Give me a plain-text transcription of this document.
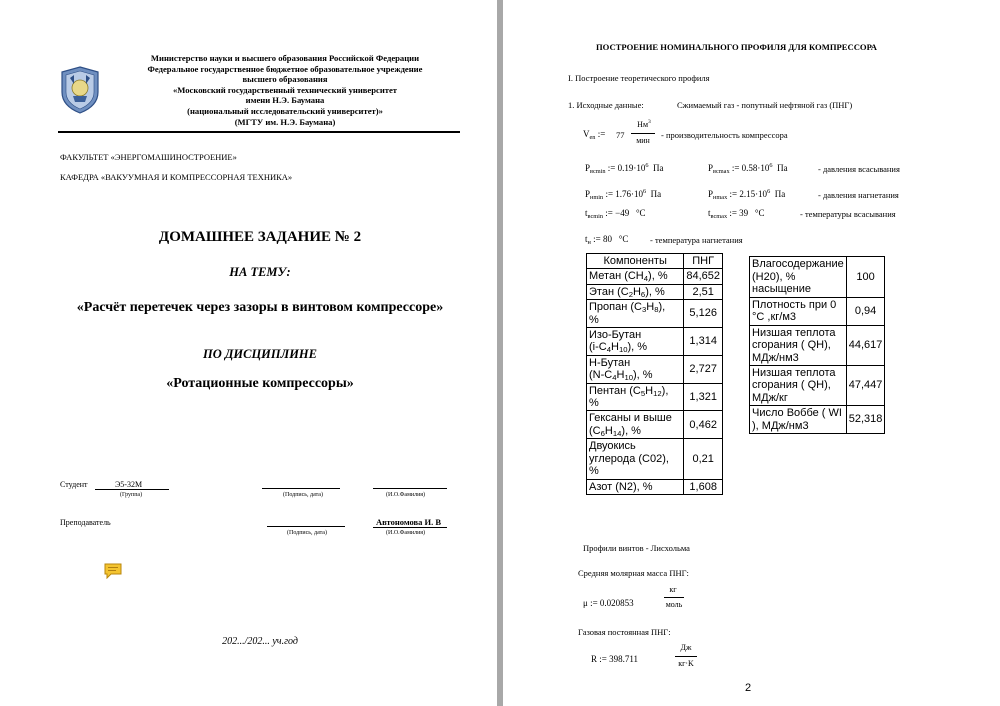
Министерство науки и высшего образования Российской Федерации
Федеральное государственное бюджетное образовательное учреждение
высшего образования
«Московский государственный технический университет
имени Н.Э. Баумана
(национальный исследовательский университет)»
(МГТУ им. Н.Э. Баумана)
ФАКУЛЬТЕТ «ЭНЕРГОМАШИНОСТРОЕНИЕ»
КАФЕДРА «ВАКУУМНАЯ И КОМПРЕССОРНАЯ ТЕХНИКА»
ДОМАШНЕЕ ЗАДАНИЕ № 2
НА ТЕМУ:
«Расчёт перетечек через зазоры в винтовом компрессоре»
ПО ДИСЦИПЛИНЕ
«Ротационные компрессоры»
Студент	Э5-32М
(Группа)	(Подпись, дата)	(И.О.Фамилия)
Преподаватель
(Подпись, дата)
Автономова И. В
(И.О.Фамилия)
202.../202... уч.год
ПОСТРОЕНИЕ НОМИНАЛЬНОГО ПРОФИЛЯ ДЛЯ КОМПРЕССОРА
I. Построение теоретического профиля
1. Исходные данные:	Сжимаемый газ - попутный нефтяной газ (ПНГ)
$V_{en}$ := 77
$Нм^3$
мин
- производительность компрессора
$P_{всmin}$ := $0.19\cdot 10^6$ Па	$P_{всmax}$ := $0.58\cdot 10^6$ Па	- давления всасывания
$P_{нmin}$ := $1.76\cdot 10^6$ Па	$P_{нmax}$ := $2.15\cdot 10^6$ Па	- давления нагнетания
$t_{всmin}$ := −49 °C	$t_{всmax}$ := 39 °C	- температуры всасывания
$t_н$ := 80 °C	- температура нагнетания
Компоненты	ПНГ
Метан $(CH_4)$, %	84,652
Этан $(C_2H_6)$, %	2,51
Пропан $(C_3H_8)$,
%	5,126
Изо-Бутан
$(i-C_4H_{10})$, %	1,314
Н-Бутан
$(N-C_4H_{10})$, %	2,727
Пентан $(C_5H_{12})$,
%	1,321
Гексаны и выше
$(C_6H_{14})$, %	0,462
Двуокись
углерода (С02),
%	0,21
Азот (N2), %	1,608
Влагосодержание (Н20), % насыщение	100
Плотность при 0 °С ,кг/м3	0,94
Низшая теплота сгорания ( QН), МДж/нм3	44,617
Низшая теплота сгорания ( QН), МДж/кг	47,447
Число Воббе ( WI ), МДж/нм3	52,318
Профили винтов - Лисхольма
Средняя молярная масса ПНГ:
μ := 0.020853
кг
моль
Газовая постоянная ПНГ:
R := 398.711
Дж
кг·K
2
